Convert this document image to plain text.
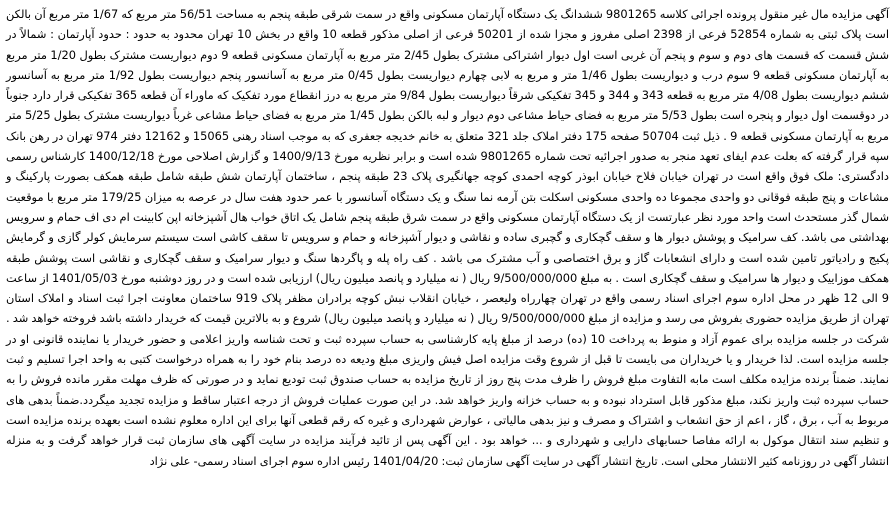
آگهی مزایده مال غیر منقول پرونده اجرائی کلاسه 9801265 ششدانگ یک دستگاه آپارتمان مسکونی واقع در سمت شرقی طبقه پنجم به مساحت 56/51 متر مربع که 1/67 متر مربع آن بالکن است پلاک ثبتی به شماره 52854 فرعی از 2398 اصلی مفروز و مجزا شده از 50201 فرعی از اصلی مذکور قطعه 10 واقع در بخش 10 تهران محدود به حدود : حدود آپارتمان : شمالاً در شش قسمت که قسمت های دوم و سوم و پنجم آن غربی است اول دیوار اشتراکی مشترک بطول 2/45 متر مربع به آپارتمان مسکونی قطعه 9 دوم دیواریست مشترک بطول 1/20 متر مربع به آپارتمان مسکونی قطعه 9 سوم درب و دیواریست بطول 1/46 متر و مربع به لابی چهارم دیواریست بطول 0/45 متر مربع به آسانسور پنجم دیواریست بطول 1/92 متر مربع به آسانسور ششم دیواریست بطول 4/08 متر مربع به قطعه 343 و 344 و 345 تفکیکی شرقاً دیواریست بطول 9/84 متر مربع به درز انقطاع مورد تفکیک که ماوراء آن قطعه 365 تفکیکی قرار دارد جنوباً در دوقسمت اول دیوار و پنجره است بطول 5/53 متر مربع به فضای حیاط مشاعی دوم دیوار و لبه بالکن بطول 1/45 متر مربع به فضای حیاط مشاعی غرباً دیواریست مشترک بطول 5/25 متر مربع به آپارتمان مسکونی قطعه 9 . ذیل ثبت 50704 صفحه 175 دفتر املاک جلد 321 متعلق به خانم خدیجه جعفری که به موجب اسناد رهنی 15065 و 12162 دفتر 974 تهران در رهن بانک سپه قرار گرفته که بعلت عدم ایفای تعهد منجر به صدور اجرائیه تحت شماره 9801265 شده است و برابر نظریه مورخ 1400/9/13 و گزارش اصلاحی مورخ 1400/12/18 کارشناس رسمی دادگستری: ملک فوق واقع است در تهران خیابان فلاح خیابان ابوذر کوچه احمدی کوچه جهانگیری پلاک 23 طبقه پنجم ، ساختمان آپارتمان شش طبقه شامل طبقه همکف بصورت پارکینگ و مشاعات و پنج طبقه فوقانی دو واحدی مجموعا ده واحدی مسکونی اسکلت بتن آرمه نما سنگ و یک دستگاه آسانسور با عمر حدود هفت سال در عرصه به میزان 179/25 متر مربع با موقعیت شمال گذر مستحدث است واحد مورد نظر عبارتست از یک دستگاه آپارتمان مسکونی واقع در سمت شرق طبقه پنجم شامل یک اتاق خواب هال آشپزخانه اپن کابینت ام دی اف حمام و سرویس بهداشتی می باشد. کف سرامیک و پوشش دیوار ها و سقف گچکاری و گچبری ساده و نقاشی و دیوار آشپزخانه و حمام و سرویس تا سقف کاشی است سیستم سرمایش کولر گازی و گرمایش پکیج و رادیاتور تامین شده است و دارای انشعابات گاز و برق اختصاصی و آب مشترک می باشد . کف راه پله و پاگردها سنگ و دیوار سرامیک و سقف گچکاری و نقاشی است پوشش طبقه همکف موزاییک و دیوار ها سرامیک و سقف گچکاری است . به مبلغ 9/500/000/000 ریال ( نه میلیارد و پانصد میلیون ریال) ارزیابی شده است و در روز دوشنبه مورخ 1401/05/03 از ساعت 9 الی 12 ظهر در محل اداره سوم اجرای اسناد رسمی واقع در تهران چهارراه ولیعصر ، خیابان انقلاب نبش کوچه برادران مظفر پلاک 919 ساختمان معاونت اجرا ثبت اسناد و املاک استان تهران از طریق مزایده حضوری بفروش می رسد و مزایده از مبلغ 9/500/000/000 ریال ( نه میلیارد و پانصد میلیون ریال) شروع و به بالاترین قیمت که خریدار داشته باشد فروخته خواهد شد . شرکت در جلسه مزایده برای عموم آزاد و منوط به پرداخت 10 (ده) درصد از مبلغ پایه کارشناسی به حساب سپرده ثبت و تحت شناسه واریز اعلامی و حضور خریدار یا نماینده قانونی او در جلسه مزایده است. لذا خریدار و یا خریداران می بایست تا قبل از شروع وقت مزایده اصل فیش واریزی مبلغ ودیعه ده درصد بنام خود را به همراه درخواست کتبی به واحد اجرا تسلیم و ثبت نمایند. ضمناً برنده مزایده مکلف است مابه التفاوت مبلغ فروش را ظرف مدت پنج روز از تاریخ مزایده به حساب صندوق ثبت تودیع نماید و در صورتی که ظرف مهلت مقرر مانده فروش را به حساب سپرده ثبت واریز نکند، مبلغ مذکور قابل استرداد نبوده و به حساب خزانه واریز خواهد شد. در این صورت عملیات فروش از درجه اعتبار ساقط و مزایده تجدید میگردد.ضمناً بدهی های مربوط به آب ، برق ، گاز ، اعم از حق انشعاب و اشتراک و مصرف و نیز بدهی مالیاتی ، عوارض شهرداری و غیره که رقم قطعی آنها برای این اداره معلوم نشده است بعهده برنده مزایده است و تنظیم سند انتقال موکول به ارائه مفاصا حسابهای دارایی و شهرداری و ... خواهد بود . این آگهی پس از تائید فرآیند مزایده در سایت آگهی های سازمان ثبت قرار خواهد گرفت و به منزله انتشار آگهی در روزنامه کثیر الانتشار محلی است. تاریخ انتشار آگهی در سایت آگهی سازمان ثبت: 1401/04/20 رئیس اداره سوم اجرای اسناد رسمی- علی نژاد
